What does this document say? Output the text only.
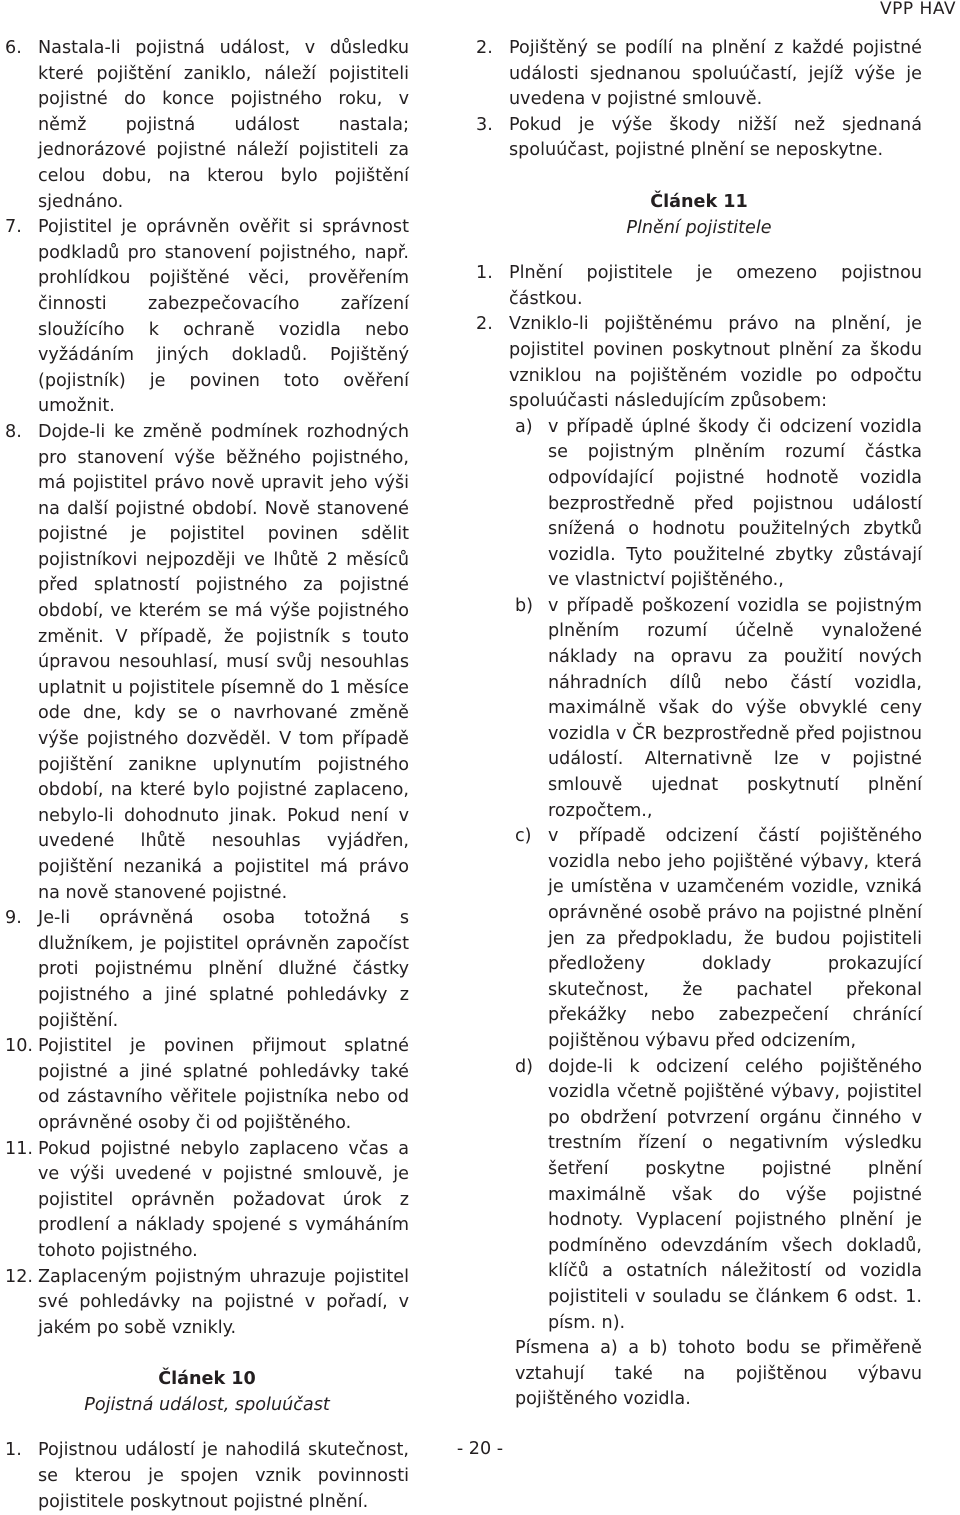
VPP HAV
6. Nastala-li pojistná událost, v důsledku které pojištění zaniklo, náleží pojistiteli pojistné do konce pojistného roku, v němž pojistná událost nastala; jednorázové pojistné náleží pojistiteli za celou dobu, na kterou bylo pojištění sjednáno.

7. Pojistitel je oprávněn ověřit si správnost podkladů pro stanovení pojistného, např. prohlídkou pojištěné věci, prověřením činnosti zabezpečovacího zařízení sloužícího k ochraně vozidla nebo vyžádáním jiných dokladů. Pojištěný (pojistník) je povinen toto ověření umožnit.

8. Dojde-li ke změně podmínek rozhodných pro stanovení výše běžného pojistného, má pojistitel právo nově upravit jeho výši na další pojistné období. Nově stanovené pojistné je pojistitel povinen sdělit pojistníkovi nejpozději ve lhůtě 2 měsíců před splatností pojistného za pojistné období, ve kterém se má výše pojistného změnit. V případě, že pojistník s touto úpravou nesouhlasí, musí svůj nesouhlas uplatnit u pojistitele písemně do 1 měsíce ode dne, kdy se o navrhované změně výše pojistného dozvěděl. V tom případě pojištění zanikne uplynutím pojistného období, na které bylo pojistné zaplaceno, nebylo-li dohodnuto jinak. Pokud není v uvedené lhůtě nesouhlas vyjádřen, pojištění nezaniká a pojistitel má právo na nově stanovené pojistné.

9. Je-li oprávněná osoba totožná s dlužníkem, je pojistitel oprávněn započíst proti pojistnému plnění dlužné částky pojistného a jiné splatné pohledávky z pojištění.

10. Pojistitel je povinen přijmout splatné pojistné a jiné splatné pohledávky také od zástavního věřitele pojistníka nebo od oprávněné osoby či od pojištěného.

11. Pokud pojistné nebylo zaplaceno včas a ve výši uvedené v pojistné smlouvě, je pojistitel oprávněn požadovat úrok z prodlení a náklady spojené s vymáháním tohoto pojistného.

12. Zaplaceným pojistným uhrazuje pojistitel své pohledávky na pojistné v pořadí, v jakém po sobě vznikly.

Článek 10

Pojistná událost, spoluúčast

1. Pojistnou událostí je nahodilá skutečnost, se kterou je spojen vznik povinnosti pojistitele poskytnout pojistné plnění.

2. Pojištěný se podílí na plnění z každé pojistné události sjednanou spoluúčastí, jejíž výše je uvedena v pojistné smlouvě.

3. Pokud je výše škody nižší než sjednaná spoluúčast, pojistné plnění se neposkytne.

Článek 11

Plnění pojistitele

1. Plnění pojistitele je omezeno pojistnou částkou.

2. Vzniklo-li pojištěnému právo na plnění, je pojistitel povinen poskytnout plnění za škodu vzniklou na pojištěném vozidle po odpočtu spoluúčasti následujícím způsobem:

a) v případě úplné škody či odcizení vozidla se pojistným plněním rozumí částka odpovídající pojistné hodnotě vozidla bezprostředně před pojistnou událostí snížená o hodnotu použitelných zbytků vozidla. Tyto použitelné zbytky zůstávají ve vlastnictví pojištěného.,

b) v případě poškození vozidla se pojistným plněním rozumí účelně vynaložené náklady na opravu za použití nových náhradních dílů nebo částí vozidla, maximálně však do výše obvyklé ceny vozidla v ČR bezprostředně před pojistnou událostí. Alternativně lze v pojistné smlouvě ujednat poskytnutí plnění rozpočtem.,

c) v případě odcizení částí pojištěného vozidla nebo jeho pojištěné výbavy, která je umístěna v uzamčeném vozidle, vzniká oprávněné osobě právo na pojistné plnění jen za předpokladu, že budou pojistiteli předloženy doklady prokazující skutečnost, že pachatel překonal překážky nebo zabezpečení chránící pojištěnou výbavu před odcizením,

d) dojde-li k odcizení celého pojištěného vozidla včetně pojištěné výbavy, pojistitel po obdržení potvrzení orgánu činného v trestním řízení o negativním výsledku šetření poskytne pojistné plnění maximálně však do výše pojistné hodnoty. Vyplacení pojistného plnění je podmíněno odevzdáním všech dokladů, klíčů a ostatních náležitostí od vozidla pojistiteli v souladu se článkem 6 odst. 1. písm. n).

Písmena a) a b) tohoto bodu se přiměřeně vztahují také na pojištěnou výbavu pojištěného vozidla.

- 20 -
